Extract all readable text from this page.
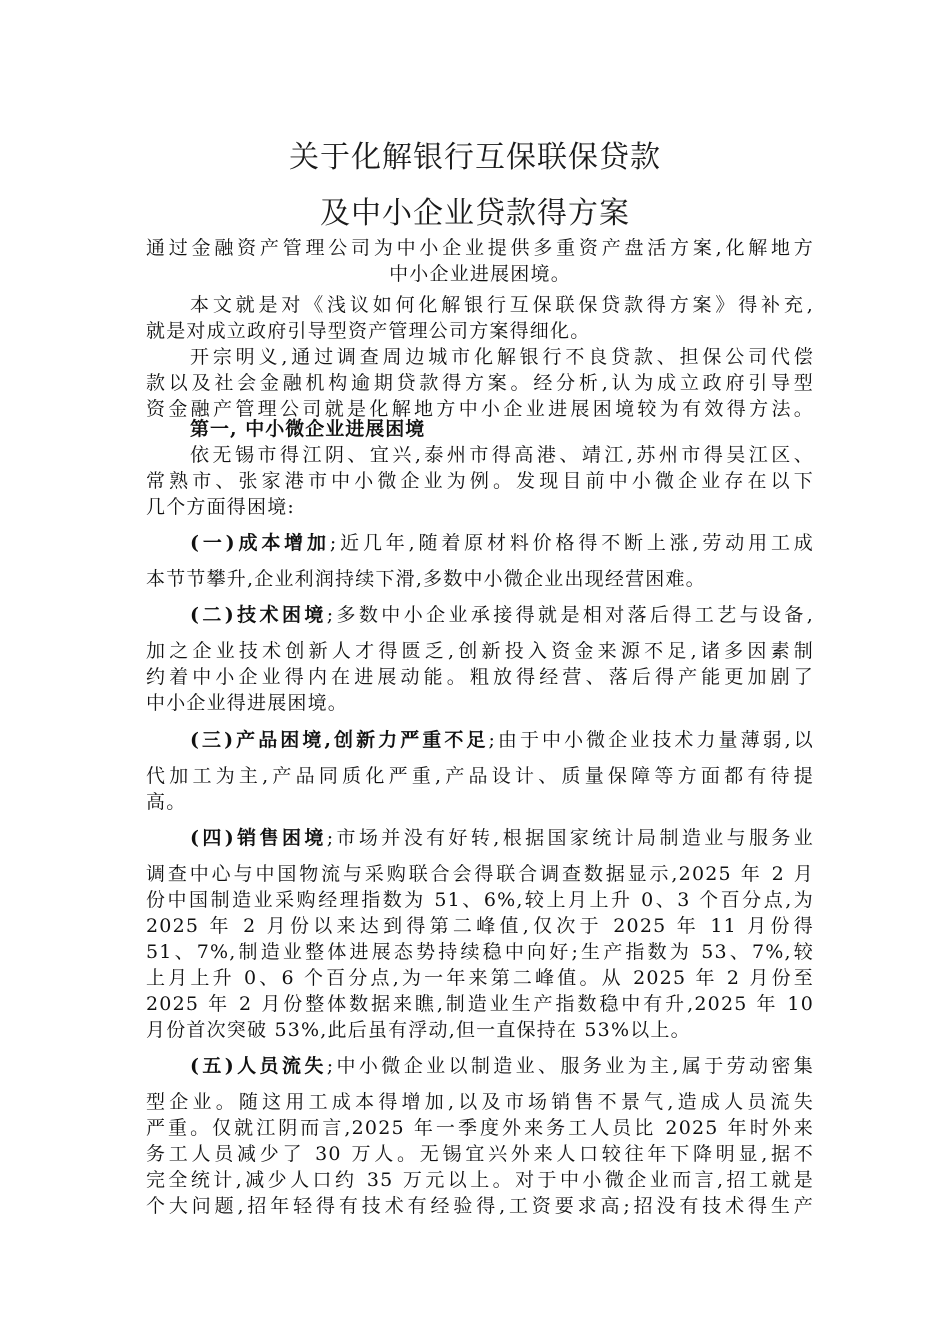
关于化解银行互保联保贷款
及中小企业贷款得方案
通过金融资产管理公司为中小企业提供多重资产盘活方案,化解地方
中小企业进展困境。
本文就是对《浅议如何化解银行互保联保贷款得方案》得补充,
就是对成立政府引导型资产管理公司方案得细化。
开宗明义,通过调查周边城市化解银行不良贷款、担保公司代偿
款以及社会金融机构逾期贷款得方案。经分析,认为成立政府引导型
资金融产管理公司就是化解地方中小企业进展困境较为有效得方法。
第一, 中小微企业进展困境
依无锡市得江阴、宜兴,泰州市得高港、靖江,苏州市得吴江区、
常熟市、张家港市中小微企业为例。发现目前中小微企业存在以下
几个方面得困境:
(一)成本增加;近几年,随着原材料价格得不断上涨,劳动用工成
本节节攀升,企业利润持续下滑,多数中小微企业出现经营困难。
(二)技术困境;多数中小企业承接得就是相对落后得工艺与设备,
加之企业技术创新人才得匮乏,创新投入资金来源不足,诸多因素制
约着中小企业得内在进展动能。粗放得经营、落后得产能更加剧了
中小企业得进展困境。
(三)产品困境,创新力严重不足;由于中小微企业技术力量薄弱,以
代加工为主,产品同质化严重,产品设计、质量保障等方面都有待提
高。
(四)销售困境;市场并没有好转,根据国家统计局制造业与服务业
调查中心与中国物流与采购联合会得联合调查数据显示,2025 年 2 月
份中国制造业采购经理指数为 51、6%,较上月上升 0、3 个百分点,为
2025 年 2 月份以来达到得第二峰值,仅次于 2025 年 11 月份得
51、7%,制造业整体进展态势持续稳中向好;生产指数为 53、7%,较
上月上升 0、6 个百分点,为一年来第二峰值。从 2025 年 2 月份至
2025 年 2 月份整体数据来瞧,制造业生产指数稳中有升,2025 年 10
月份首次突破 53%,此后虽有浮动,但一直保持在 53%以上。
(五)人员流失;中小微企业以制造业、服务业为主,属于劳动密集
型企业。随这用工成本得增加,以及市场销售不景气,造成人员流失
严重。仅就江阴而言,2025 年一季度外来务工人员比 2025 年时外来
务工人员减少了 30 万人。无锡宜兴外来人口较往年下降明显,据不
完全统计,减少人口约 35 万元以上。对于中小微企业而言,招工就是
个大问题,招年轻得有技术有经验得,工资要求高;招没有技术得生产
